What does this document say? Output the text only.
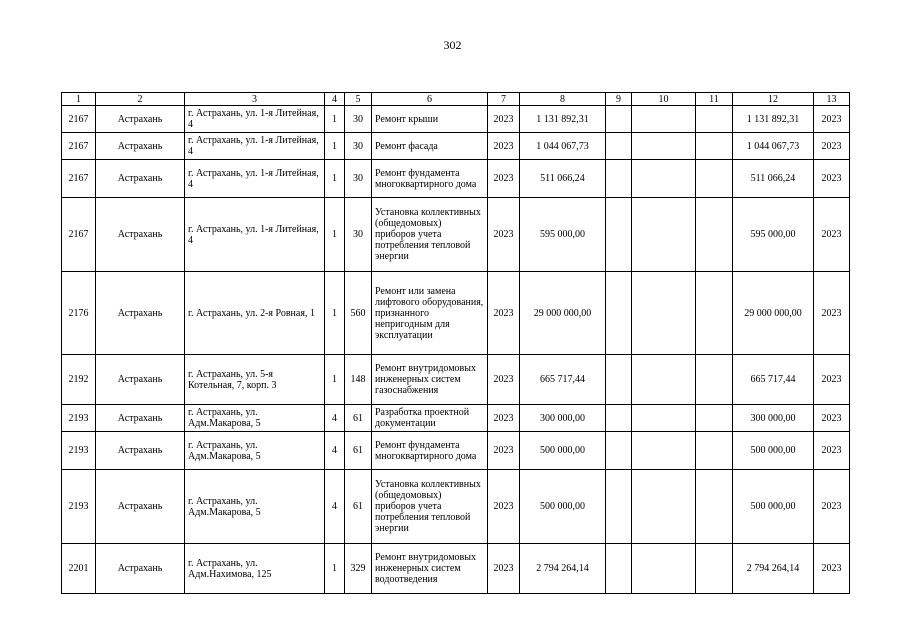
302
1	2	3	4	5	6	7	8	9	10	11	12	13
2167	Астрахань	г. Астрахань, ул. 1-я Литейная, 4	1	30	Ремонт крыши	2023	1 131 892,31				1 131 892,31	2023
2167	Астрахань	г. Астрахань, ул. 1-я Литейная, 4	1	30	Ремонт фасада	2023	1 044 067,73				1 044 067,73	2023
2167	Астрахань	г. Астрахань, ул. 1-я Литейная, 4	1	30	Ремонт фундамента многоквартирного дома	2023	511 066,24				511 066,24	2023
2167	Астрахань	г. Астрахань, ул. 1-я Литейная, 4	1	30	Установка коллективных (общедомовых) приборов учета потребления тепловой энергии	2023	595 000,00				595 000,00	2023
2176	Астрахань	г. Астрахань, ул. 2-я Ровная, 1	1	560	Ремонт или замена лифтового оборудования, признанного непригодным для эксплуатации	2023	29 000 000,00				29 000 000,00	2023
2192	Астрахань	г. Астрахань, ул. 5-я Котельная, 7, корп. 3	1	148	Ремонт внутридомовых инженерных систем газоснабжения	2023	665 717,44				665 717,44	2023
2193	Астрахань	г. Астрахань, ул. Адм.Макарова, 5	4	61	Разработка проектной документации	2023	300 000,00				300 000,00	2023
2193	Астрахань	г. Астрахань, ул. Адм.Макарова, 5	4	61	Ремонт фундамента многоквартирного дома	2023	500 000,00				500 000,00	2023
2193	Астрахань	г. Астрахань, ул. Адм.Макарова, 5	4	61	Установка коллективных (общедомовых) приборов учета потребления тепловой энергии	2023	500 000,00				500 000,00	2023
2201	Астрахань	г. Астрахань, ул. Адм.Нахимова, 125	1	329	Ремонт внутридомовых инженерных систем водоотведения	2023	2 794 264,14				2 794 264,14	2023
